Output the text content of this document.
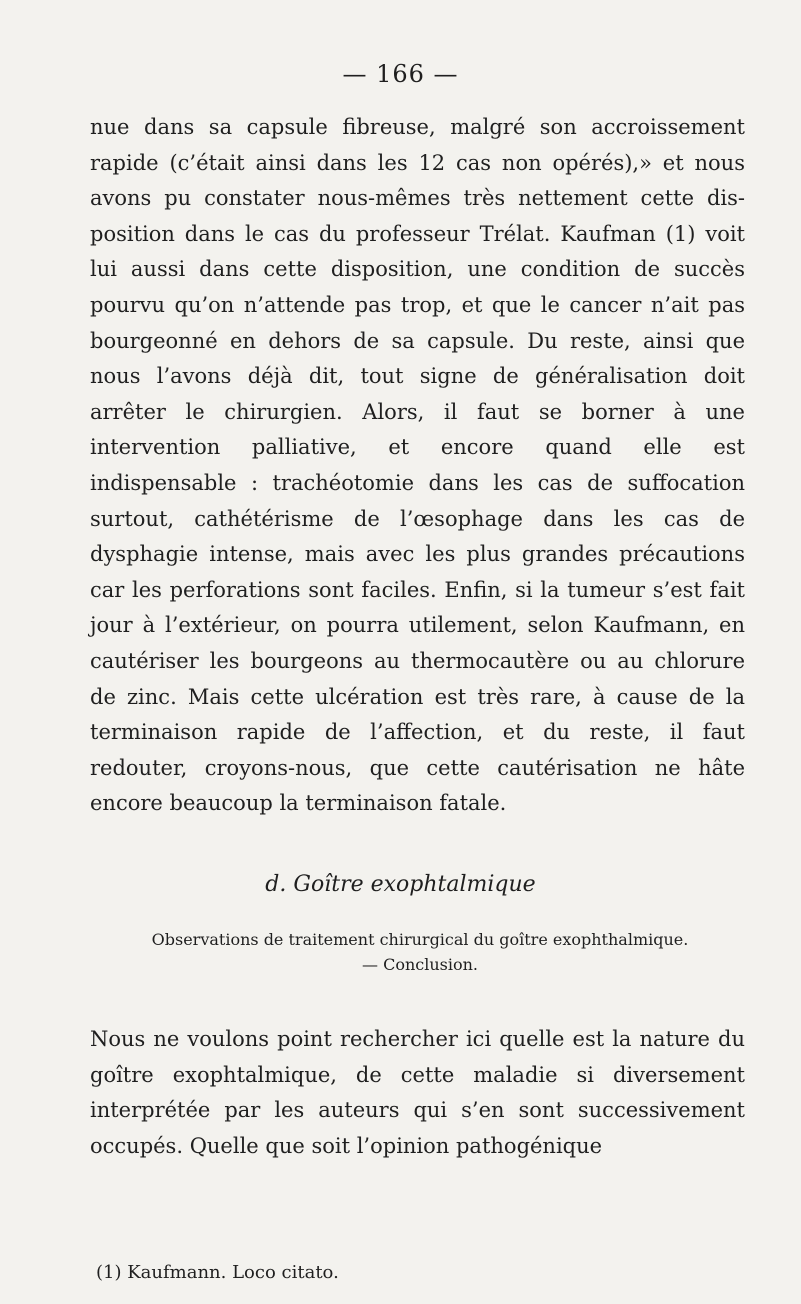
— 166 —

nue dans sa capsule fibreuse, malgré son accroissement rapide (c’était ainsi dans les 12 cas non opérés),» et nous avons pu constater nous-mêmes très nettement cette disposition dans le cas du professeur Trélat. Kaufman (1) voit lui aussi dans cette disposition, une condition de succès pourvu qu’on n’attende pas trop, et que le cancer n’ait pas bourgeonné en dehors de sa capsule. Du reste, ainsi que nous l’avons déjà dit, tout signe de généralisation doit arrêter le chirurgien. Alors, il faut se borner à une intervention palliative, et encore quand elle est indispensable : trachéotomie dans les cas de suffocation surtout, cathétérisme de l’œsophage dans les cas de dysphagie intense, mais avec les plus grandes précautions car les perforations sont faciles. Enfin, si la tumeur s’est fait jour à l’extérieur, on pourra utilement, selon Kaufmann, en cautériser les bourgeons au thermocautère ou au chlorure de zinc. Mais cette ulcération est très rare, à cause de la terminaison rapide de l’affection, et du reste, il faut redouter, croyons-nous, que cette cautérisation ne hâte encore beaucoup la terminaison fatale.

d. Goître exophtalmique

Observations de traitement chirurgical du goître exophthalmique. — Conclusion.

Nous ne voulons point rechercher ici quelle est la nature du goître exophtalmique, de cette maladie si diversement interprétée par les auteurs qui s’en sont successivement occupés. Quelle que soit l’opinion pathogénique

(1) Kaufmann. Loco citato.
